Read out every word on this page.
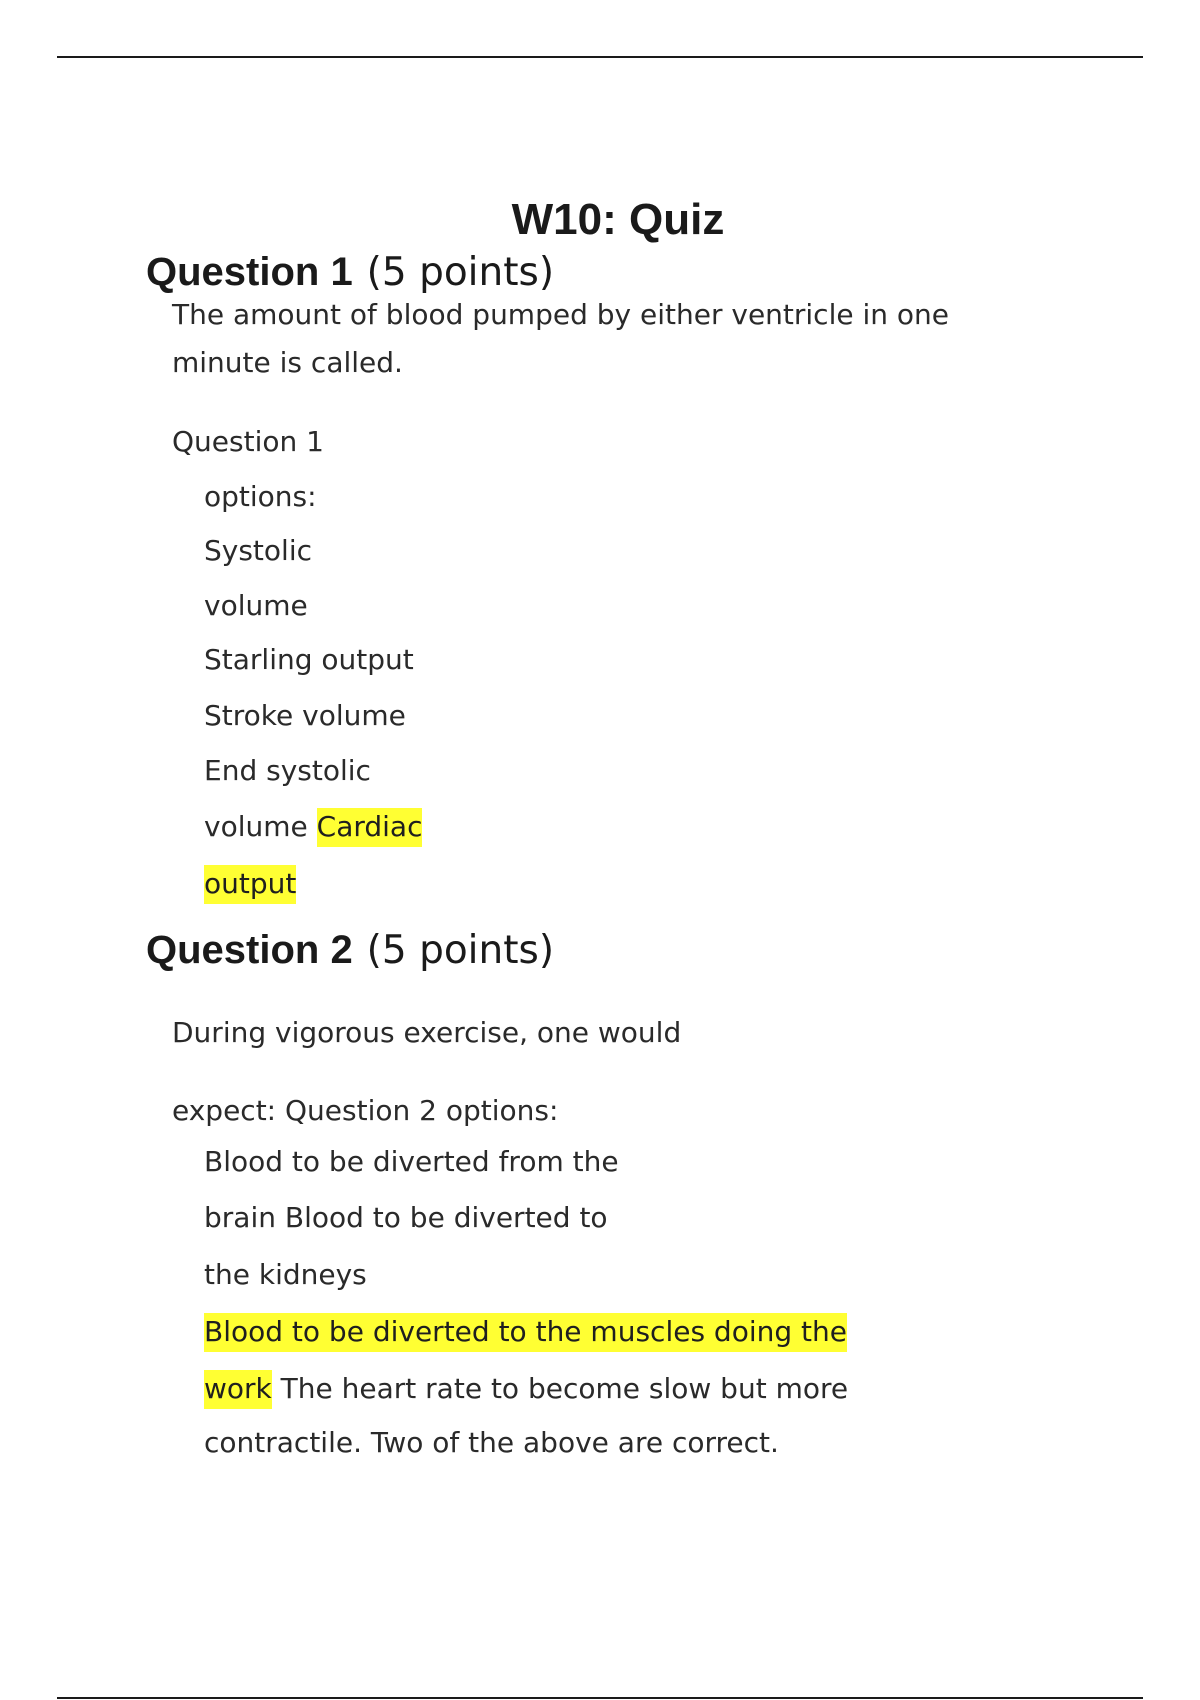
W10: Quiz
Question 1 (5 points)

The amount of blood pumped by either ventricle in one

minute is called.

Question 1

options:

Systolic

volume

Starling output

Stroke volume

End systolic

volume Cardiac

output

Question 2 (5 points)

During vigorous exercise, one would

expect: Question 2 options:

Blood to be diverted from the

brain Blood to be diverted to

the kidneys

Blood to be diverted to the muscles doing the

work The heart rate to become slow but more

contractile. Two of the above are correct.
